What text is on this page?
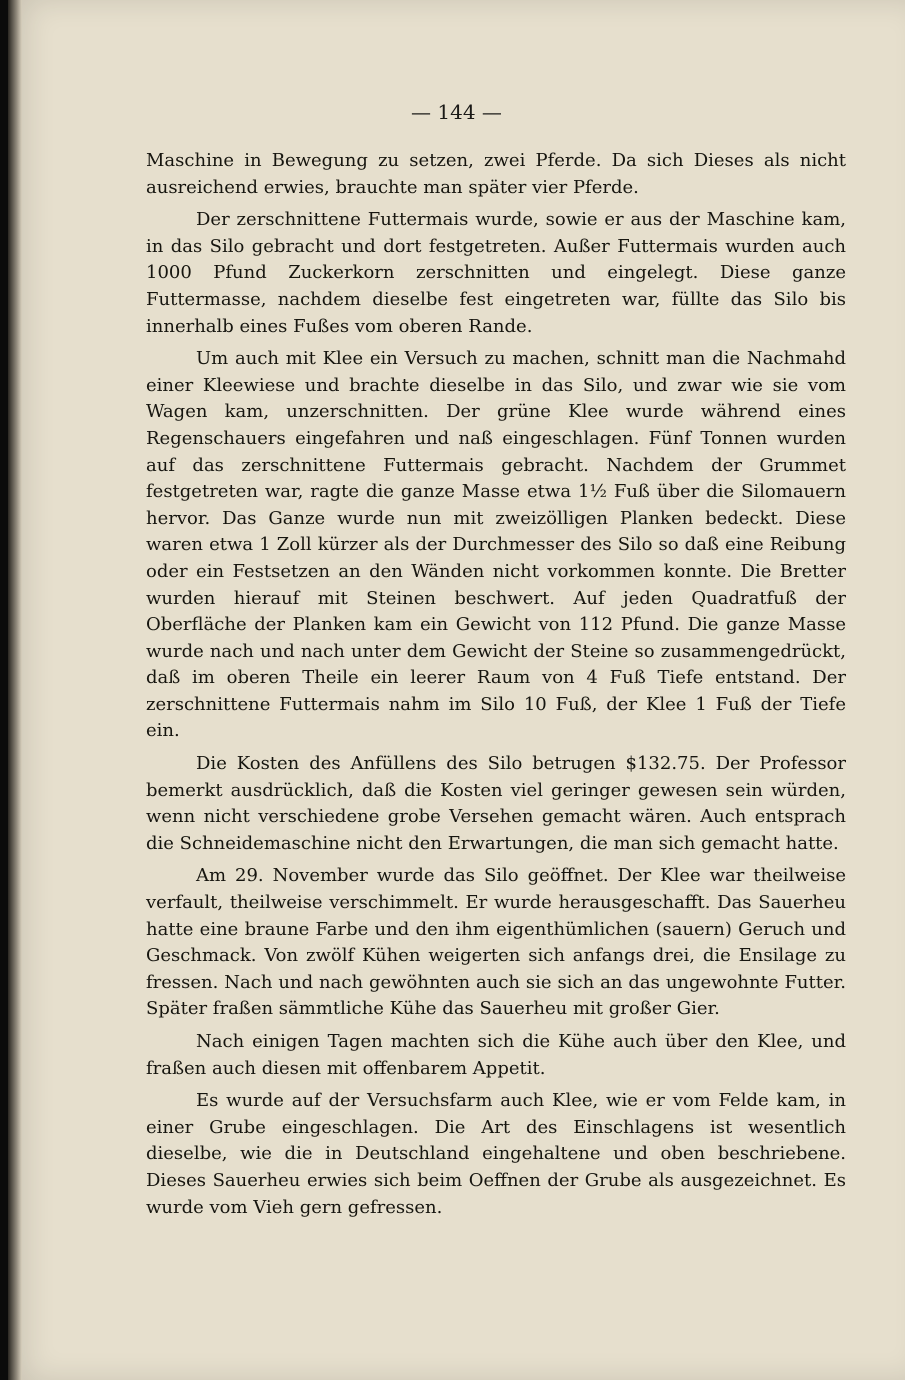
— 144 —

Maschine in Bewegung zu setzen, zwei Pferde. Da sich Dieses als nicht ausreichend erwies, brauchte man später vier Pferde.

Der zerschnittene Futtermais wurde, sowie er aus der Maschine kam, in das Silo gebracht und dort festgetreten. Außer Futtermais wurden auch 1000 Pfund Zuckerkorn zerschnitten und eingelegt. Diese ganze Futtermasse, nachdem dieselbe fest eingetreten war, füllte das Silo bis innerhalb eines Fußes vom oberen Rande.

Um auch mit Klee ein Versuch zu machen, schnitt man die Nachmahd einer Kleewiese und brachte dieselbe in das Silo, und zwar wie sie vom Wagen kam, unzerschnitten. Der grüne Klee wurde während eines Regenschauers eingefahren und naß eingeschlagen. Fünf Tonnen wurden auf das zerschnittene Futtermais gebracht. Nachdem der Grummet festgetreten war, ragte die ganze Masse etwa 1½ Fuß über die Silomauern hervor. Das Ganze wurde nun mit zweizölligen Planken bedeckt. Diese waren etwa 1 Zoll kürzer als der Durchmesser des Silo so daß eine Reibung oder ein Festsetzen an den Wänden nicht vorkommen konnte. Die Bretter wurden hierauf mit Steinen beschwert. Auf jeden Quadratfuß der Oberfläche der Planken kam ein Gewicht von 112 Pfund. Die ganze Masse wurde nach und nach unter dem Gewicht der Steine so zusammengedrückt, daß im oberen Theile ein leerer Raum von 4 Fuß Tiefe entstand. Der zerschnittene Futtermais nahm im Silo 10 Fuß, der Klee 1 Fuß der Tiefe ein.

Die Kosten des Anfüllens des Silo betrugen $132.75. Der Professor bemerkt ausdrücklich, daß die Kosten viel geringer gewesen sein würden, wenn nicht verschiedene grobe Versehen gemacht wären. Auch entsprach die Schneidemaschine nicht den Erwartungen, die man sich gemacht hatte.

Am 29. November wurde das Silo geöffnet. Der Klee war theilweise verfault, theilweise verschimmelt. Er wurde herausgeschafft. Das Sauerheu hatte eine braune Farbe und den ihm eigenthümlichen (sauern) Geruch und Geschmack. Von zwölf Kühen weigerten sich anfangs drei, die Ensilage zu fressen. Nach und nach gewöhnten auch sie sich an das ungewohnte Futter. Später fraßen sämmtliche Kühe das Sauerheu mit großer Gier.

Nach einigen Tagen machten sich die Kühe auch über den Klee, und fraßen auch diesen mit offenbarem Appetit.

Es wurde auf der Versuchsfarm auch Klee, wie er vom Felde kam, in einer Grube eingeschlagen. Die Art des Einschlagens ist wesentlich dieselbe, wie die in Deutschland eingehaltene und oben beschriebene. Dieses Sauerheu erwies sich beim Oeffnen der Grube als ausgezeichnet. Es wurde vom Vieh gern gefressen.
